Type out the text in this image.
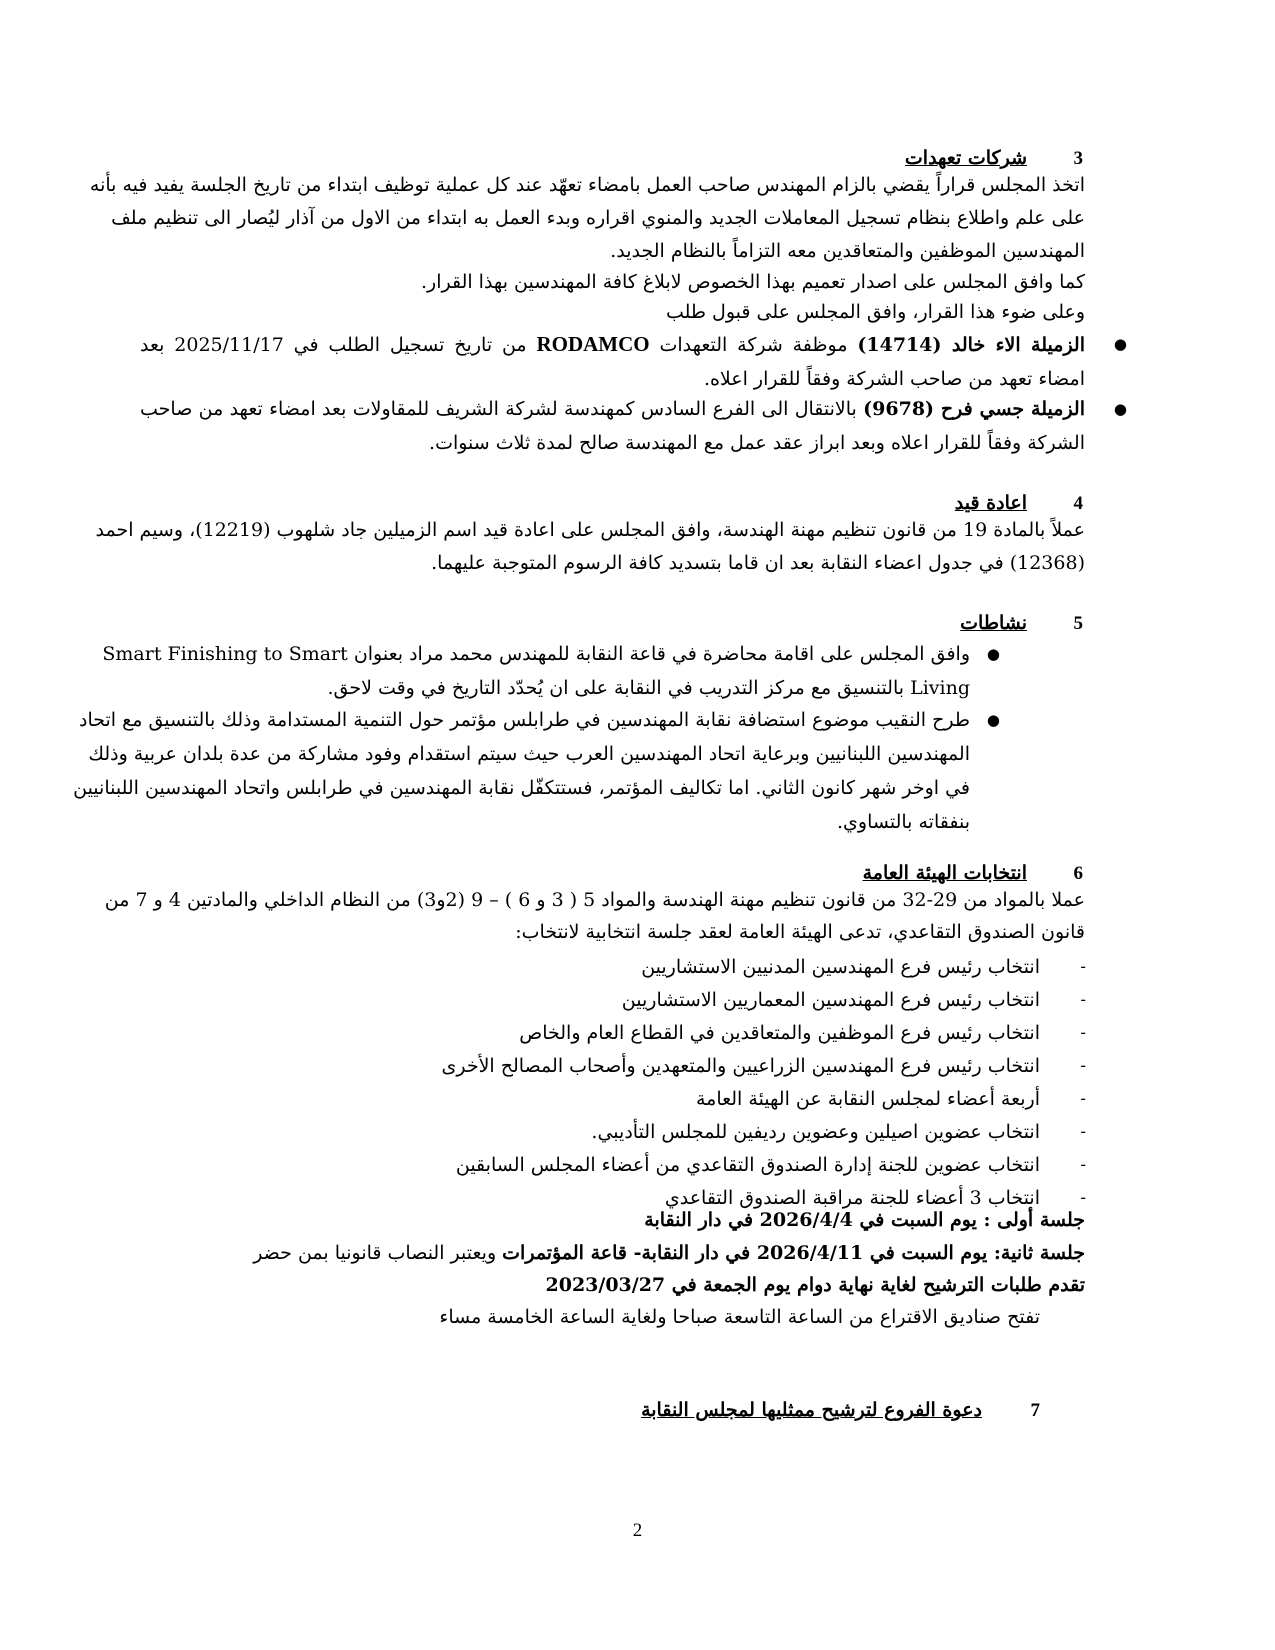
3شركات تعهدات
اتخذ المجلس قراراً يقضي بالزام المهندس صاحب العمل بامضاء تعهّد عند كل عملية توظيف ابتداء من تاريخ الجلسة يفيد فيه بأنه
على علم واطلاع بنظام تسجيل المعاملات الجديد والمنوي اقراره وبدء العمل به ابتداء من الاول من آذار ليُصار الى تنظيم ملف
المهندسين الموظفين والمتعاقدين معه التزاماً بالنظام الجديد.
كما وافق المجلس على اصدار تعميم بهذا الخصوص لابلاغ كافة المهندسين بهذا القرار.
وعلى ضوء هذا القرار، وافق المجلس على قبول طلب
●
الزميلة الاء خالد (14714) موظفة شركة التعهدات RODAMCO من تاريخ تسجيل الطلب في 2025/11/17 بعد
امضاء تعهد من صاحب الشركة وفقاً للقرار اعلاه.
●
الزميلة جسي فرح (9678) بالانتقال الى الفرع السادس كمهندسة لشركة الشريف للمقاولات بعد امضاء تعهد من صاحب
الشركة وفقاً للقرار اعلاه وبعد ابراز عقد عمل مع المهندسة صالح لمدة ثلاث سنوات.
4اعادة قيد
عملاً بالمادة 19 من قانون تنظيم مهنة الهندسة، وافق المجلس على اعادة قيد اسم الزميلين جاد شلهوب (12219)، وسيم احمد
(12368) في جدول اعضاء النقابة بعد ان قاما بتسديد كافة الرسوم المتوجبة عليهما.
5نشاطات
●
وافق المجلس على اقامة محاضرة في قاعة النقابة للمهندس محمد مراد بعنوان Smart Finishing to Smart
Living بالتنسيق مع مركز التدريب في النقابة على ان يُحدّد التاريخ في وقت لاحق.
●
طرح النقيب موضوع استضافة نقابة المهندسين في طرابلس مؤتمر حول التنمية المستدامة وذلك بالتنسيق مع اتحاد
المهندسين اللبنانيين وبرعاية اتحاد المهندسين العرب حيث سيتم استقدام وفود مشاركة من عدة بلدان عربية وذلك
في اوخر شهر كانون الثاني. اما تكاليف المؤتمر، فستتكفّل نقابة المهندسين في طرابلس واتحاد المهندسين اللبنانيين
بنفقاته بالتساوي.
6انتخابات الهيئة العامة
عملا بالمواد من 29-32 من قانون تنظيم مهنة الهندسة والمواد 5 ( 3 و 6 ) – 9 (2و3) من النظام الداخلي والمادتين 4 و 7 من
قانون الصندوق التقاعدي، تدعى الهيئة العامة لعقد جلسة انتخابية لانتخاب:
-
انتخاب رئيس فرع المهندسين المدنيين الاستشاريين
-
انتخاب رئيس فرع المهندسين المعماريين الاستشاريين
-
انتخاب رئيس فرع الموظفين والمتعاقدين في القطاع العام والخاص
-
انتخاب رئيس فرع المهندسين الزراعيين والمتعهدين وأصحاب المصالح الأخرى
-
أربعة أعضاء لمجلس النقابة عن الهيئة العامة
-
انتخاب عضوين اصيلين وعضوين رديفين للمجلس التأديبي.
-
انتخاب عضوين للجنة إدارة الصندوق التقاعدي من أعضاء المجلس السابقين
-
انتخاب 3 أعضاء للجنة مراقبة الصندوق التقاعدي
جلسة أولى : يوم السبت في 2026/4/4 في دار النقابة
جلسة ثانية: يوم السبت في 2026/4/11 في دار النقابة- قاعة المؤتمرات ويعتبر النصاب قانونيا بمن حضر
تقدم طلبات الترشيح لغاية نهاية دوام يوم الجمعة في 2023/03/27
تفتح صناديق الاقتراع من الساعة التاسعة صباحا ولغاية الساعة الخامسة مساء
7دعوة الفروع لترشيح ممثليها لمجلس النقابة
2
